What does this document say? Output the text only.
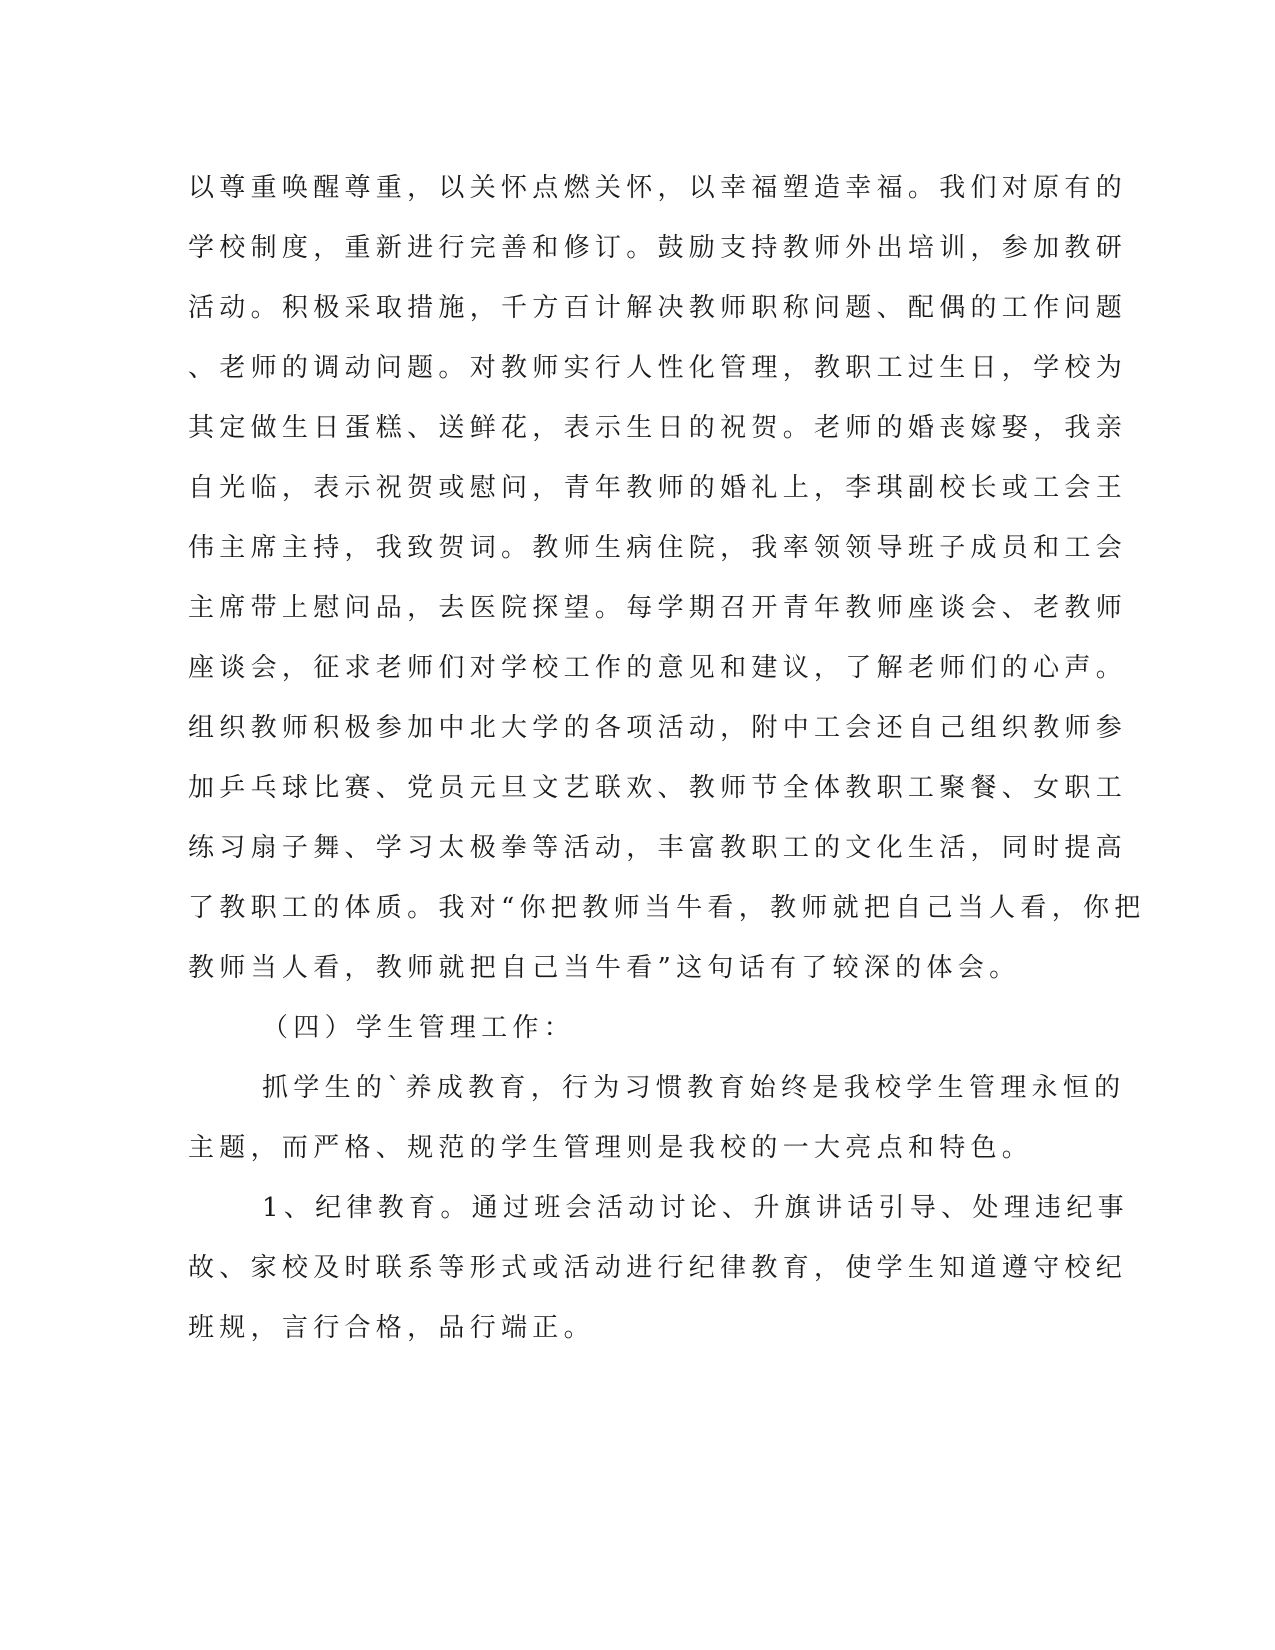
以尊重唤醒尊重，以关怀点燃关怀，以幸福塑造幸福。我们对原有的
学校制度，重新进行完善和修订。鼓励支持教师外出培训，参加教研
活动。积极采取措施，千方百计解决教师职称问题、配偶的工作问题
、老师的调动问题。对教师实行人性化管理，教职工过生日，学校为
其定做生日蛋糕、送鲜花，表示生日的祝贺。老师的婚丧嫁娶，我亲
自光临，表示祝贺或慰问，青年教师的婚礼上，李琪副校长或工会王
伟主席主持，我致贺词。教师生病住院，我率领领导班子成员和工会
主席带上慰问品，去医院探望。每学期召开青年教师座谈会、老教师
座谈会，征求老师们对学校工作的意见和建议，了解老师们的心声。
组织教师积极参加中北大学的各项活动，附中工会还自己组织教师参
加乒乓球比赛、党员元旦文艺联欢、教师节全体教职工聚餐、女职工
练习扇子舞、学习太极拳等活动，丰富教职工的文化生活，同时提高
了教职工的体质。我对“你把教师当牛看，教师就把自己当人看，你把
教师当人看，教师就把自己当牛看”这句话有了较深的体会。
（四）学生管理工作：
抓学生的`养成教育，行为习惯教育始终是我校学生管理永恒的
主题，而严格、规范的学生管理则是我校的一大亮点和特色。
1、纪律教育。通过班会活动讨论、升旗讲话引导、处理违纪事
故、家校及时联系等形式或活动进行纪律教育，使学生知道遵守校纪
班规，言行合格，品行端正。
